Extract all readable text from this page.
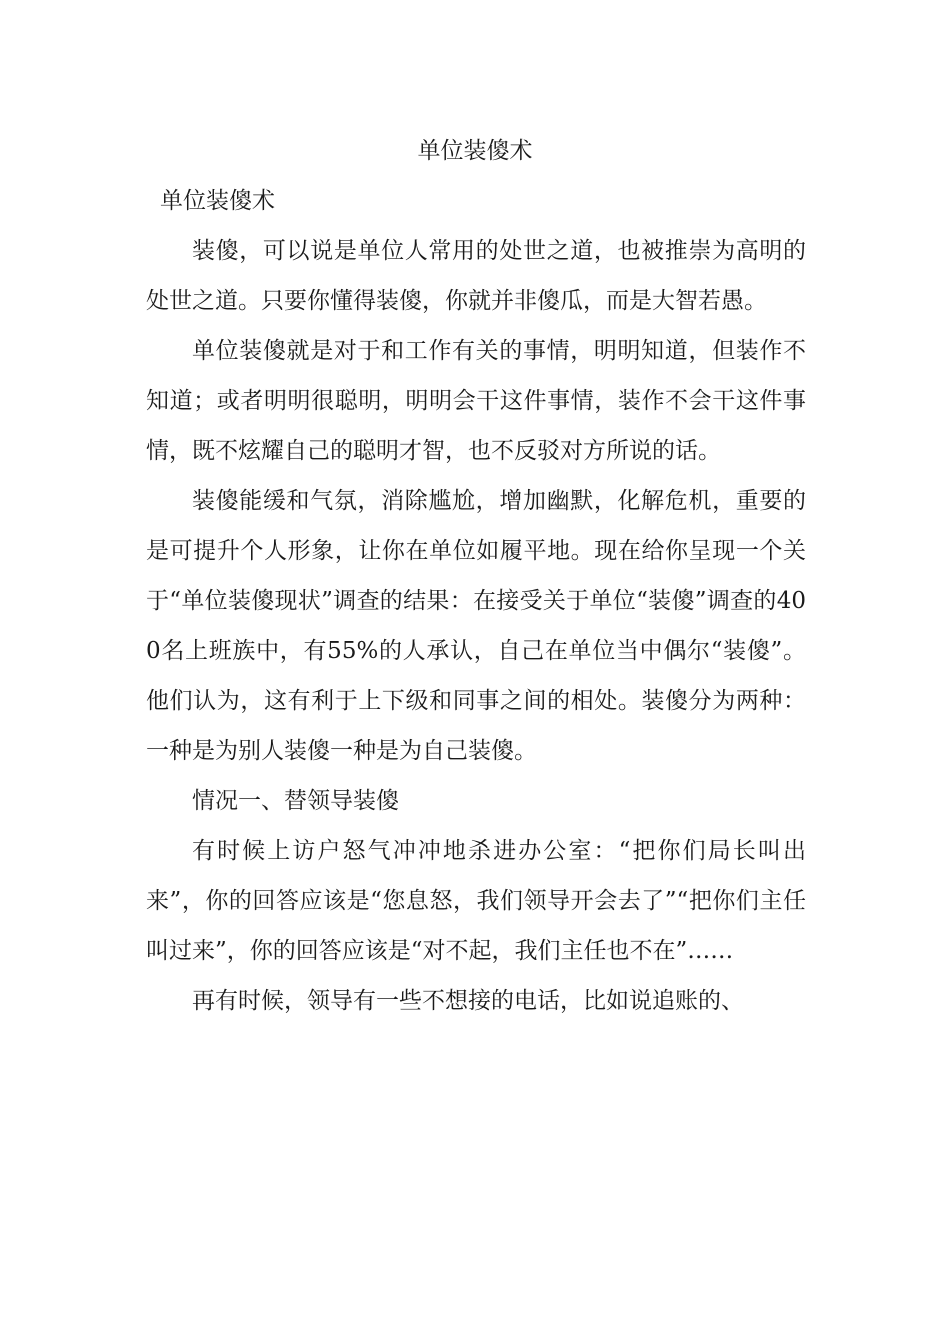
单位装傻术
单位装傻术

装傻，可以说是单位人常用的处世之道，也被推崇为高明的处世之道。只要你懂得装傻，你就并非傻瓜，而是大智若愚。

单位装傻就是对于和工作有关的事情，明明知道，但装作不知道；或者明明很聪明，明明会干这件事情，装作不会干这件事情，既不炫耀自己的聪明才智，也不反驳对方所说的话。

装傻能缓和气氛，消除尴尬，增加幽默，化解危机，重要的是可提升个人形象，让你在单位如履平地。现在给你呈现一个关于“单位装傻现状”调查的结果：在接受关于单位“装傻”调查的400名上班族中，有55%的人承认，自己在单位当中偶尔“装傻”。他们认为，这有利于上下级和同事之间的相处。装傻分为两种：一种是为别人装傻一种是为自己装傻。

情况一、替领导装傻

有时候上访户怒气冲冲地杀进办公室：“把你们局长叫出来”，你的回答应该是“您息怒，我们领导开会去了”“把你们主任叫过来”，你的回答应该是“对不起，我们主任也不在”……

再有时候，领导有一些不想接的电话，比如说追账的、
